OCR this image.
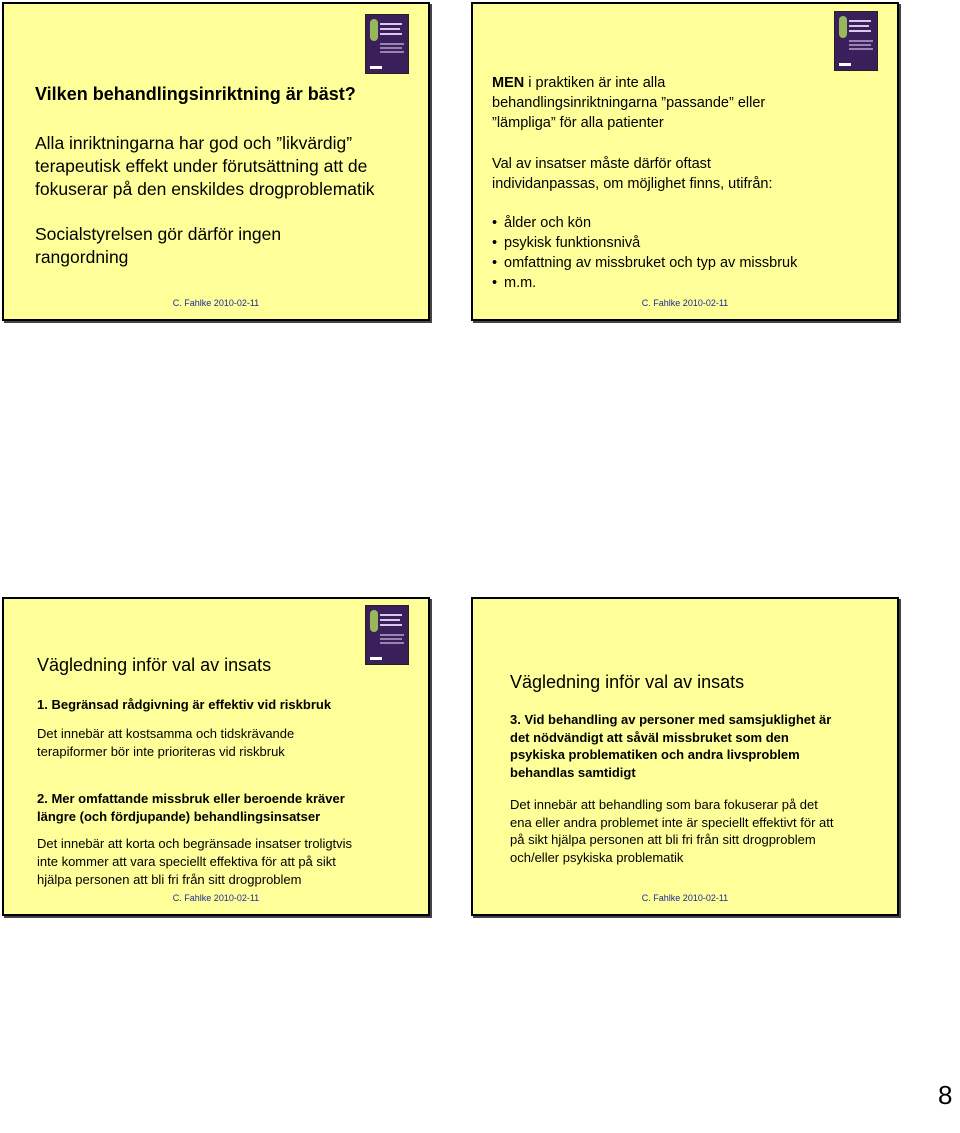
Vilken behandlingsinriktning är bäst?
Alla inriktningarna har god och ”likvärdig”
terapeutisk effekt under förutsättning att de
fokuserar på den enskildes drogproblematik
Socialstyrelsen gör därför ingen
rangordning
C. Fahlke 2010-02-11
MEN i praktiken är inte alla
behandlingsinriktningarna ”passande” eller
”lämpliga” för alla patienter
Val av insatser måste därför oftast
individanpassas, om möjlighet finns, utifrån:
• ålder och kön
• psykisk funktionsnivå
• omfattning av missbruket och typ av missbruk
• m.m.
C. Fahlke 2010-02-11
Vägledning inför val av insats
1. Begränsad rådgivning är effektiv vid riskbruk
Det innebär att kostsamma och tidskrävande
terapiformer bör inte prioriteras vid riskbruk
2. Mer omfattande missbruk eller beroende kräver
längre (och fördjupande) behandlingsinsatser
Det innebär att korta och begränsade insatser troligtvis
inte kommer att vara speciellt effektiva för att på sikt
hjälpa personen att bli fri från sitt drogproblem
C. Fahlke 2010-02-11
Vägledning inför val av insats
3. Vid behandling av personer med samsjuklighet är
det nödvändigt att såväl missbruket som den
psykiska problematiken och andra livsproblem
behandlas samtidigt
Det innebär att behandling som bara fokuserar på det
ena eller andra problemet inte är speciellt effektivt för att
på sikt hjälpa personen att bli fri från sitt drogproblem
och/eller psykiska problematik
C. Fahlke 2010-02-11
8
